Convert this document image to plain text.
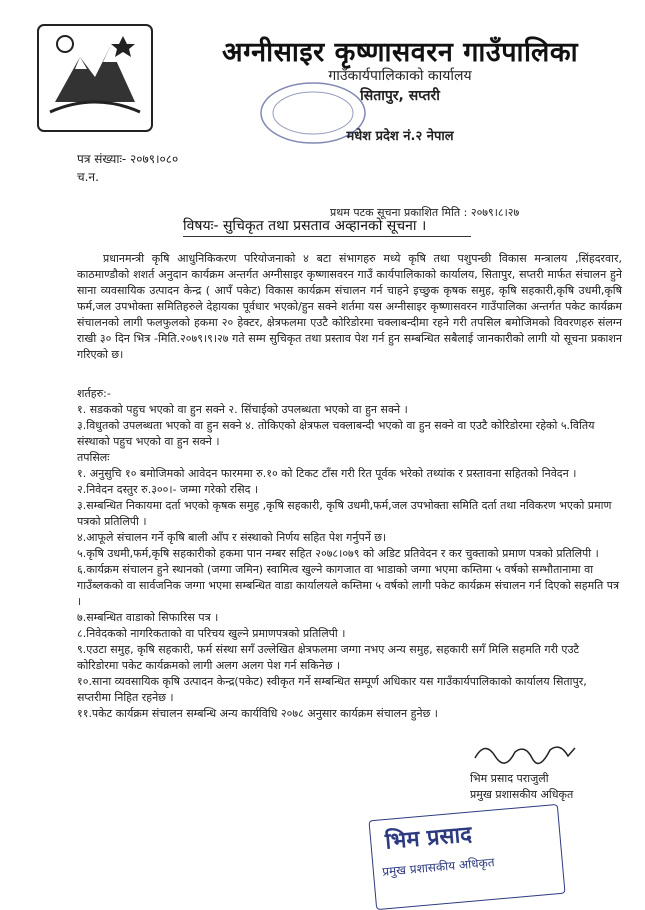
अग्नीसाइर कृष्णासवरन गाउँपालिका
गाउँकार्यपालिकाको कार्यालय
सितापुर, सप्तरी
मधेश प्रदेश नं.२ नेपाल
पत्र संख्याः- २०७९।०८०
च.न.
प्रथम पटक सूचना प्रकाशित मिति : २०७९।८।२७
विषयः- सुचिकृत तथा प्रसताव अव्हानको सूचना ।
प्रधानमन्त्री कृषि आधुनिकिकरण परियोजनाको ४ बटा संभागहरु मध्ये कृषि तथा पशुपन्छी विकास मन्त्रालय ,सिंहदरवार, काठमाण्डौको शशर्त अनुदान कार्यक्रम अन्तर्गत अग्नीसाइर कृष्णासवरन गाउँ कार्यपालिकाको कार्यालय, सितापुर, सप्तरी मार्फत संचालन हुने साना व्यवसायिक उत्पादन केन्द्र ( आपँ पकेट) विकास कार्यक्रम संचालन गर्न चाहने इच्छुक कृषक समुह, कृषि सहकारी,कृषि उधमी,कृषि फर्म,जल उपभोक्ता समितिहरुले देहायका पूर्वधार भएको/हुन सक्ने शर्तमा यस अग्नीसाइर कृष्णासवरन गाउँपालिका अन्तर्गत पकेट कार्यक्रम संचालनको लागी फलफुलको हकमा २० हेक्टर, क्षेत्रफलमा एउटै कोरिडोरमा चक्लाबन्दीमा रहने गरी तपसिल बमोजिमको विवरणहरु संलग्न राखी ३० दिन भित्र -मिति.२०७९।९।२७ गते सम्म सुचिकृत तथा प्रस्ताव पेश गर्न हुन सम्बन्धित सबैलाई जानकारीको लागी यो सूचना प्रकाशन गरिएको छ।

शर्तहरु:-

१. सडकको पहुच भएको वा हुन सक्ने २. सिंचाईको उपलब्धता भएको वा हुन सक्ने ।

३.विधुतको उपलब्धता भएको वा हुन सक्ने ४. तोकिएको क्षेत्रफल चक्लाबन्दी भएको वा हुन सक्ने वा एउटै कोरिडोरमा रहेको ५.वितिय संस्थाको पहुच भएको वा हुन सक्ने ।

तपसिलः

१. अनुसुचि १० बमोजिमको आवेदन फारममा रु.१० को टिकट टाँस गरी रित पूर्वक भरेको तथ्यांक र प्रस्तावना सहितको निवेदन ।

२.निवेदन दस्तुर रु.३००।- जम्मा गरेको रसिद ।

३.सम्बन्धित निकायमा दर्ता भएको कृषक समुह ,कृषि सहकारी, कृषि उधमी,फर्म,जल उपभोक्ता समिति दर्ता तथा नविकरण भएको प्रमाण पत्रको प्रतिलिपी ।

४.आफूले संचालन गर्ने कृषि बाली आँप र संस्थाको निर्णय सहित पेश गर्नुपर्ने छ।

५.कृषि उधमी,फर्म,कृषि सहकारीको हकमा पान नम्बर सहित २०७८।०७९ को अडिट प्रतिवेदन र कर चुक्ताको प्रमाण पत्रको प्रतिलिपी ।

६.कार्यक्रम संचालन हुने स्थानको (जग्गा जमिन) स्वामित्व खुल्ने कागजात वा भाडाको जग्गा भएमा कम्तिमा ५ वर्षको सम्भौतानामा वा गाउँब्लकको वा सार्वजनिक जग्गा भएमा सम्बन्धित वाडा कार्यालयले कम्तिमा ५ वर्षको लागी पकेट कार्यक्रम संचालन गर्न दिएको सहमति पत्र ।

७.सम्बन्धित वाडाको सिफारिस पत्र ।

८.निवेदकको नागरिकताको वा परिचय खुल्ने प्रमाणपत्रको प्रतिलिपी ।

९.एउटा समुह, कृषि सहकारी, फर्म संस्था सगँ उल्लेखित क्षेत्रफलमा जग्गा नभए अन्य समुह, सहकारी सगँ मिलि सहमति गरी एउटै कोरिडोरमा पकेट कार्यक्रमको लागी अलग अलग पेश गर्न सकिनेछ ।

१०.साना व्यवसायिक कृषि उत्पादन केन्द्र(पकेट) स्वीकृत गर्ने सम्बन्धित सम्पूर्ण अधिकार यस गाउँकार्यपालिकाको कार्यालय सितापुर, सप्तरीमा निहित रहनेछ ।

११.पकेट कार्यक्रम संचालन सम्बन्धि अन्य कार्यविधि २०७८ अनुसार कार्यक्रम संचालन हुनेछ ।

भिम प्रसाद पराजुली
प्रमुख प्रशासकीय अधिकृत
भिम प्रसाद
प्रमुख प्रशासकीय अधिकृत
